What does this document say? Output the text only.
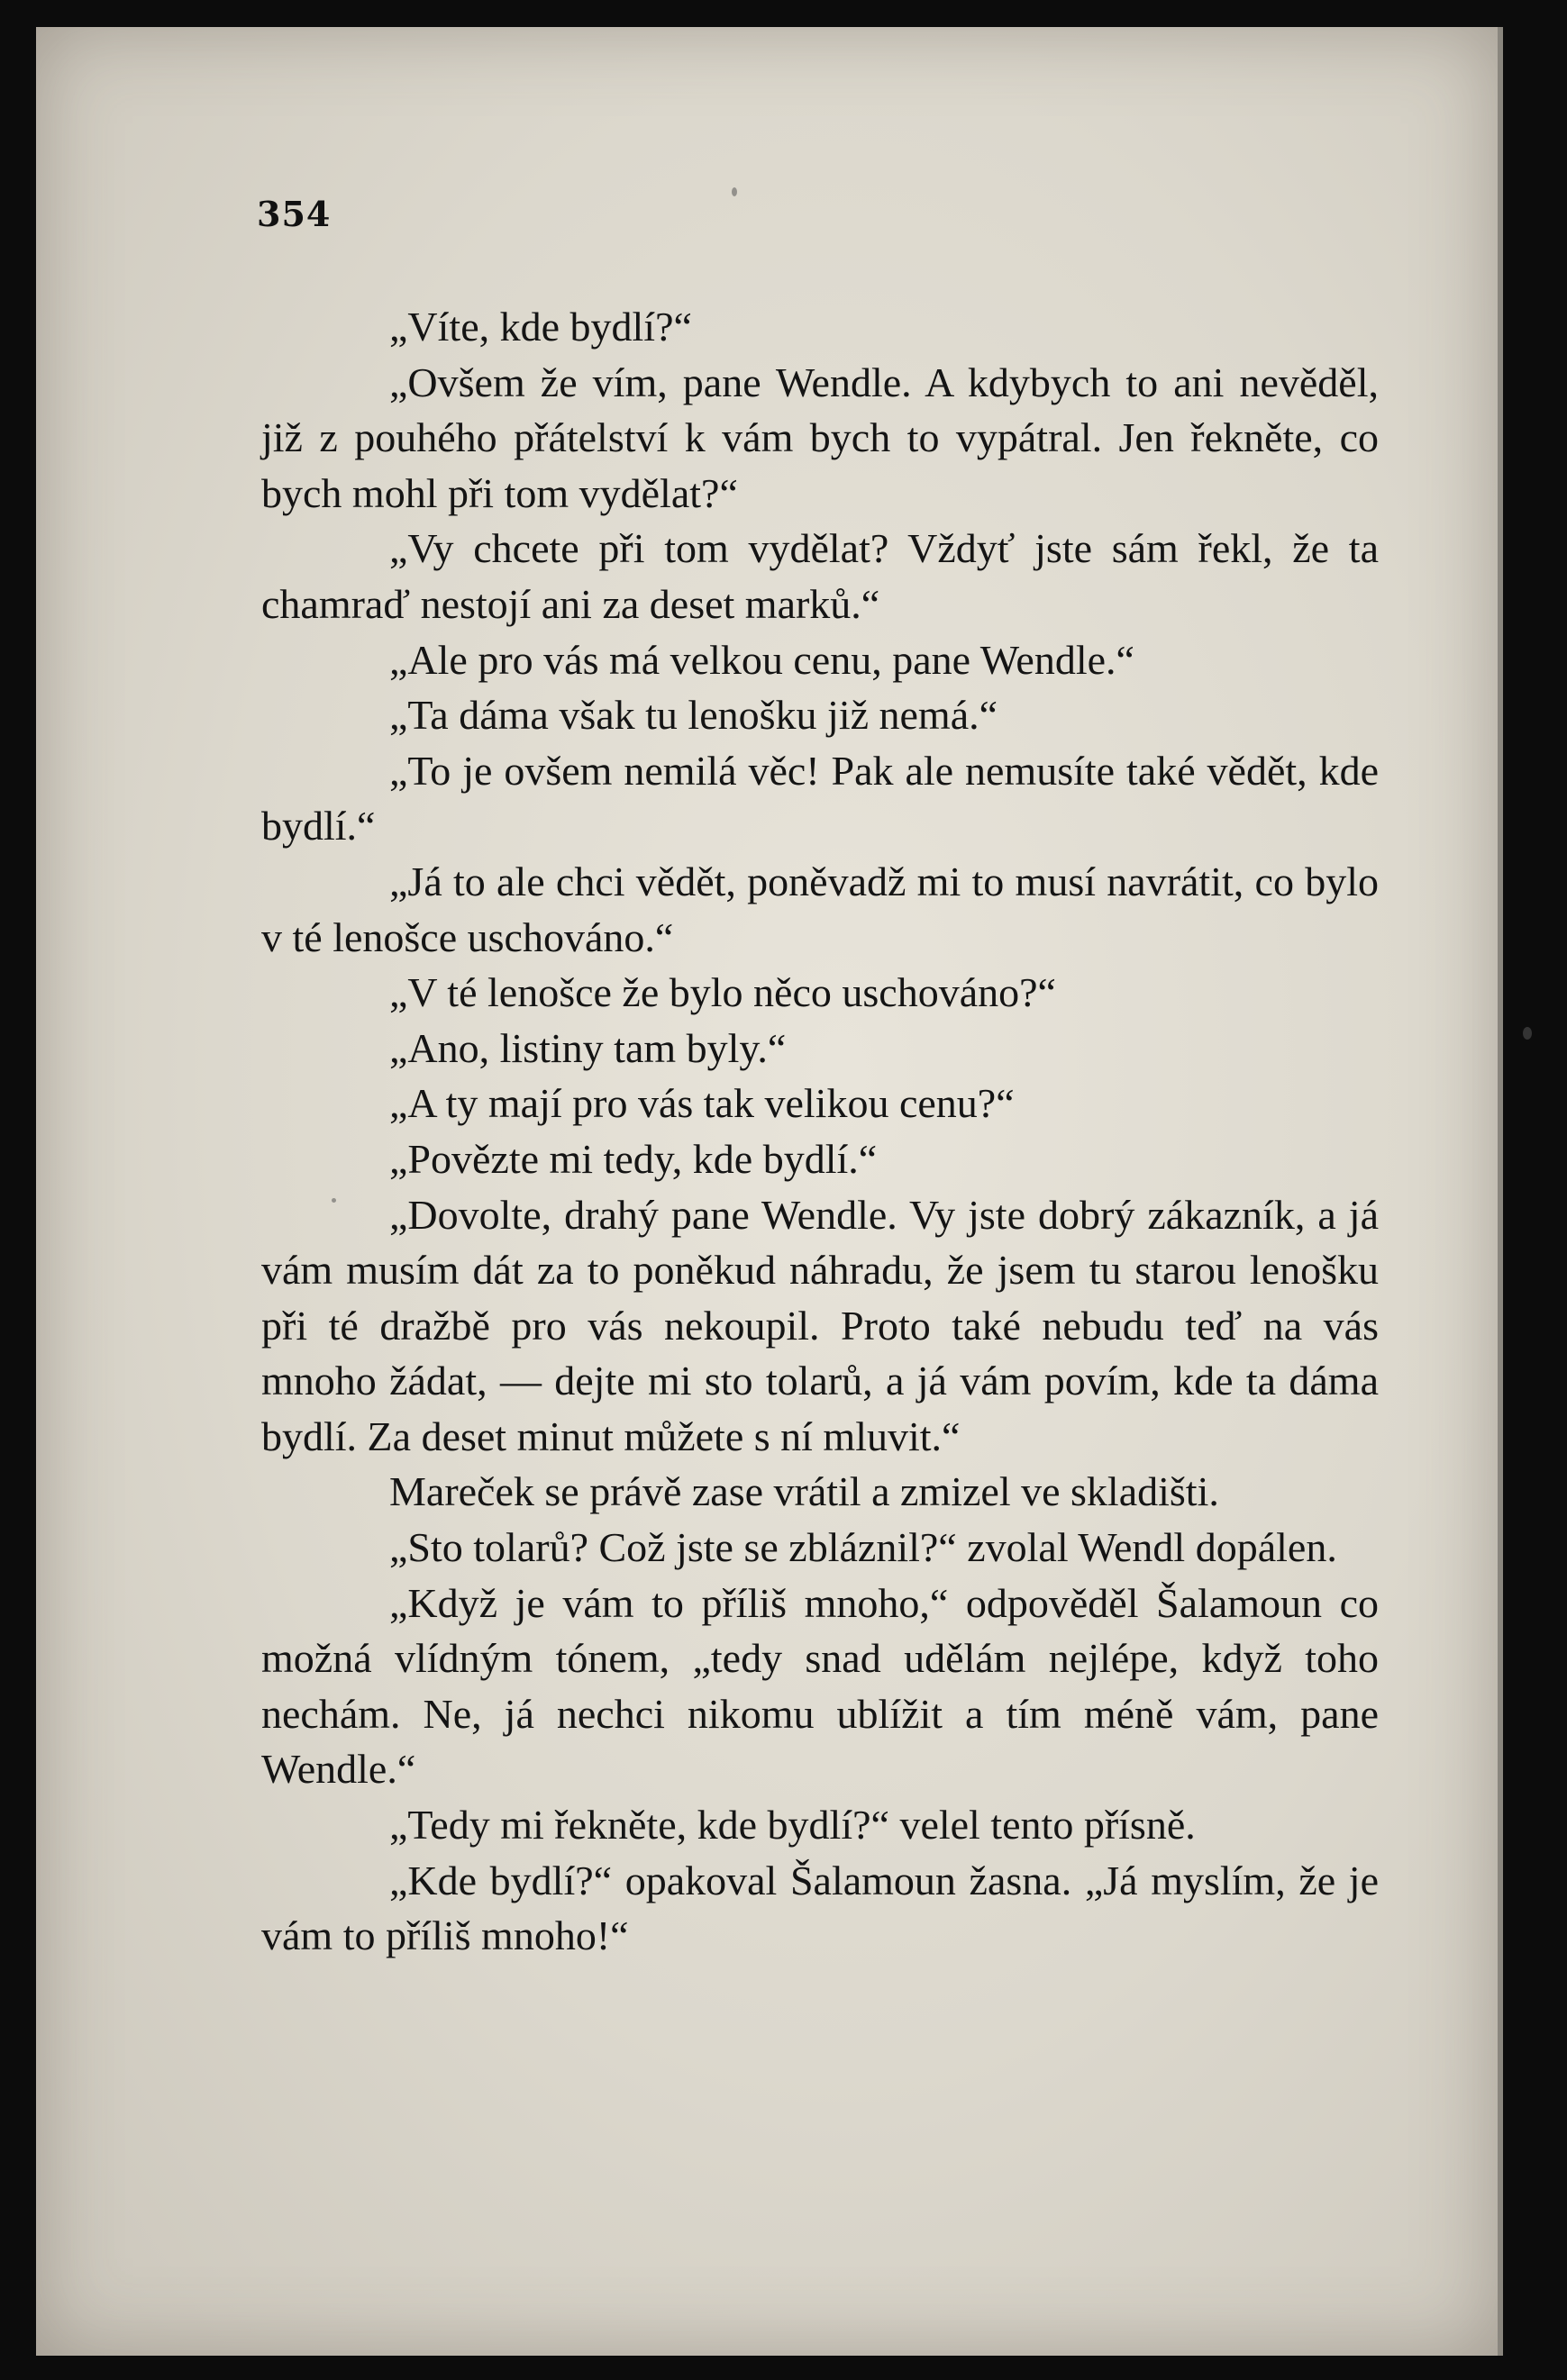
354

„Víte, kde bydlí?“

„Ovšem že vím, pane Wendle. A kdybych to ani nevěděl, již z pouhého přátelství k vám bych to vypátral. Jen řekněte, co bych mohl při tom vydělat?“

„Vy chcete při tom vydělat? Vždyť jste sám řekl, že ta chamraď nestojí ani za deset marků.“

„Ale pro vás má velkou cenu, pane Wendle.“

„Ta dáma však tu lenošku již nemá.“

„To je ovšem nemilá věc! Pak ale nemusíte také vědět, kde bydlí.“

„Já to ale chci vědět, poněvadž mi to musí navrátit, co bylo v té lenošce uschováno.“

„V té lenošce že bylo něco uschováno?“

„Ano, listiny tam byly.“

„A ty mají pro vás tak velikou cenu?“

„Povězte mi tedy, kde bydlí.“

„Dovolte, drahý pane Wendle. Vy jste dobrý zákazník, a já vám musím dát za to poněkud náhradu, že jsem tu starou lenošku při té dražbě pro vás nekoupil. Proto také nebudu teď na vás mnoho žádat, — dejte mi sto tolarů, a já vám povím, kde ta dáma bydlí. Za deset minut můžete s ní mluvit.“

Mareček se právě zase vrátil a zmizel ve skladišti.

„Sto tolarů? Což jste se zbláznil?“ zvolal Wendl dopálen.

„Když je vám to příliš mnoho,“ odpověděl Šalamoun co možná vlídným tónem, „tedy snad udělám nejlépe, když toho nechám. Ne, já nechci nikomu ublížit a tím méně vám, pane Wendle.“

„Tedy mi řekněte, kde bydlí?“ velel tento přísně.

„Kde bydlí?“ opakoval Šalamoun žasna. „Já myslím, že je vám to příliš mnoho!“
